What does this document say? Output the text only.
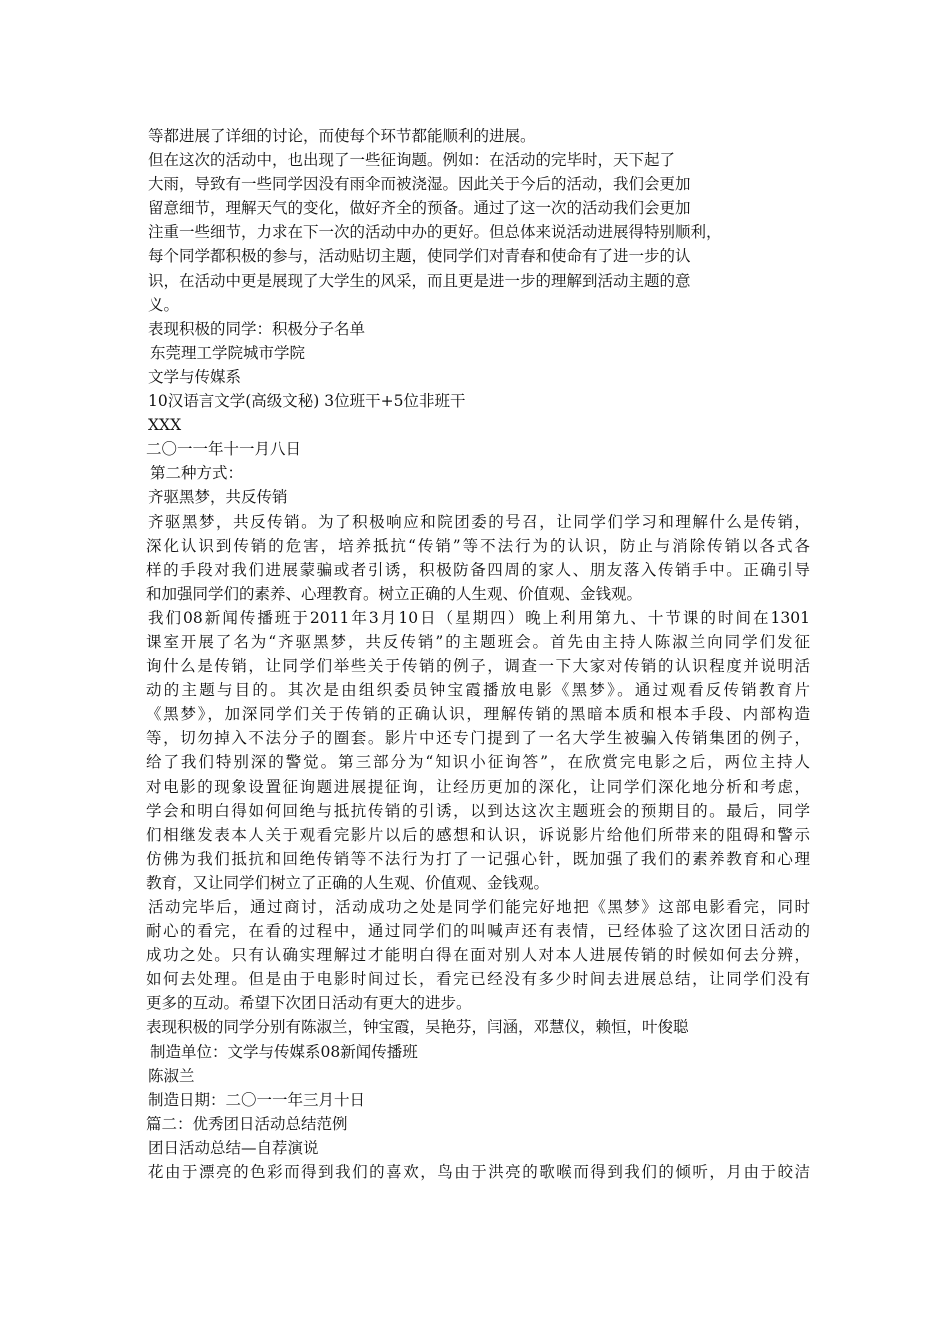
等都进展了详细的讨论，而使每个环节都能顺利的进展。
但在这次的活动中，也出现了一些征询题。例如：在活动的完毕时，天下起了
大雨，导致有一些同学因没有雨伞而被浇湿。因此关于今后的活动，我们会更加
留意细节，理解天气的变化，做好齐全的预备。通过了这一次的活动我们会更加
注重一些细节，力求在下一次的活动中办的更好。但总体来说活动进展得特别顺利，
每个同学都积极的参与，活动贴切主题，使同学们对青春和使命有了进一步的认
识，在活动中更是展现了大学生的风采，而且更是进一步的理解到活动主题的意
义。
表现积极的同学：积极分子名单
东莞理工学院城市学院
文学与传媒系
10汉语言文学(高级文秘) 3位班干+5位非班干
XXX
二〇一一年十一月八日
第二种方式：
齐驱黑梦，共反传销
齐驱黑梦，共反传销。为了积极响应和院团委的号召，让同学们学习和理解什么是传销，
深化认识到传销的危害，培养抵抗“传销”等不法行为的认识，防止与消除传销以各式各
样的手段对我们进展蒙骗或者引诱，积极防备四周的家人、朋友落入传销手中。正确引导
和加强同学们的素养、心理教育。树立正确的人生观、价值观、金钱观。
我们08新闻传播班于2011年3月10日（星期四）晚上利用第九、十节课的时间在1301
课室开展了名为“齐驱黑梦，共反传销”的主题班会。首先由主持人陈淑兰向同学们发征
询什么是传销，让同学们举些关于传销的例子，调查一下大家对传销的认识程度并说明活
动的主题与目的。其次是由组织委员钟宝霞播放电影《黑梦》。通过观看反传销教育片
《黑梦》，加深同学们关于传销的正确认识，理解传销的黑暗本质和根本手段、内部构造
等，切勿掉入不法分子的圈套。影片中还专门提到了一名大学生被骗入传销集团的例子，
给了我们特别深的警觉。第三部分为“知识小征询答”，在欣赏完电影之后，两位主持人
对电影的现象设置征询题进展提征询，让经历更加的深化，让同学们深化地分析和考虑，
学会和明白得如何回绝与抵抗传销的引诱，以到达这次主题班会的预期目的。最后，同学
们相继发表本人关于观看完影片以后的感想和认识，诉说影片给他们所带来的阻碍和警示
仿佛为我们抵抗和回绝传销等不法行为打了一记强心针，既加强了我们的素养教育和心理
教育，又让同学们树立了正确的人生观、价值观、金钱观。
活动完毕后，通过商讨，活动成功之处是同学们能完好地把《黑梦》这部电影看完，同时
耐心的看完，在看的过程中，通过同学们的叫喊声还有表情，已经体验了这次团日活动的
成功之处。只有认确实理解过才能明白得在面对别人对本人进展传销的时候如何去分辨，
如何去处理。但是由于电影时间过长，看完已经没有多少时间去进展总结，让同学们没有
更多的互动。希望下次团日活动有更大的进步。
表现积极的同学分别有陈淑兰，钟宝霞，吴艳芬，闫涵，邓慧仪，赖恒，叶俊聪
制造单位：文学与传媒系08新闻传播班
陈淑兰
制造日期：二〇一一年三月十日
篇二：优秀团日活动总结范例
团日活动总结—自荐演说
花由于漂亮的色彩而得到我们的喜欢，鸟由于洪亮的歌喉而得到我们的倾听，月由于皎洁
